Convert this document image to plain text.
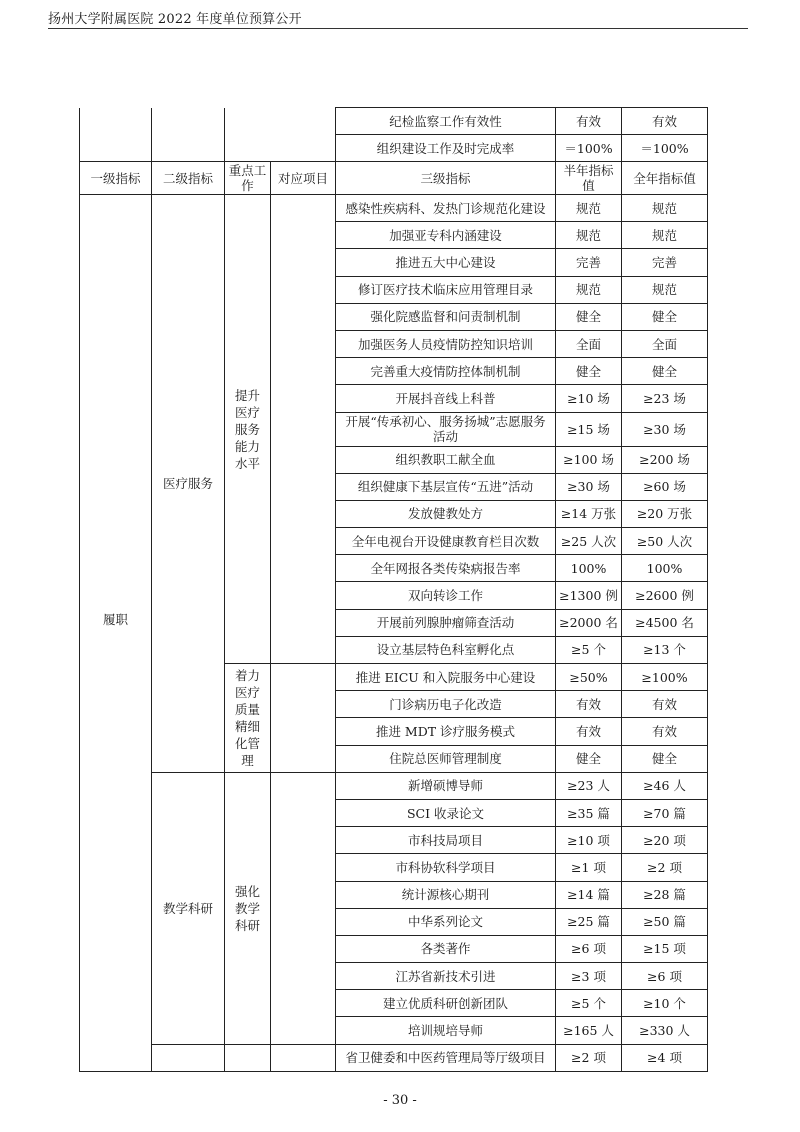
扬州大学附属医院 2022 年度单位预算公开
				纪检监察工作有效性	有效	有效
				组织建设工作及时完成率	＝100%	＝100%
一级指标	二级指标	重点工作	对应项目	三级指标	半年指标值	全年指标值
履职	医疗服务	提升医疗服务能力水平		感染性疾病科、发热门诊规范化建设	规范	规范
				加强亚专科内涵建设	规范	规范
				推进五大中心建设	完善	完善
				修订医疗技术临床应用管理目录	规范	规范
				强化院感监督和问责制机制	健全	健全
				加强医务人员疫情防控知识培训	全面	全面
				完善重大疫情防控体制机制	健全	健全
				开展抖音线上科普	≥10 场	≥23 场
				开展“传承初心、服务扬城”志愿服务活动	≥15 场	≥30 场
				组织教职工献全血	≥100 场	≥200 场
				组织健康下基层宣传“五进”活动	≥30 场	≥60 场
				发放健教处方	≥14 万张	≥20 万张
				全年电视台开设健康教育栏目次数	≥25 人次	≥50 人次
				全年网报各类传染病报告率	100%	100%
				双向转诊工作	≥1300 例	≥2600 例
				开展前列腺肿瘤筛查活动	≥2000 名	≥4500 名
				设立基层特色科室孵化点	≥5 个	≥13 个
		着力医疗质量精细化管理		推进 EICU 和入院服务中心建设	≥50%	≥100%
				门诊病历电子化改造	有效	有效
				推进 MDT 诊疗服务模式	有效	有效
				住院总医师管理制度	健全	健全
	教学科研	强化教学科研		新增硕博导师	≥23 人	≥46 人
				SCI 收录论文	≥35 篇	≥70 篇
				市科技局项目	≥10 项	≥20 项
				市科协软科学项目	≥1 项	≥2 项
				统计源核心期刊	≥14 篇	≥28 篇
				中华系列论文	≥25 篇	≥50 篇
				各类著作	≥6 项	≥15 项
				江苏省新技术引进	≥3 项	≥6 项
				建立优质科研创新团队	≥5 个	≥10 个
				培训规培导师	≥165 人	≥330 人
				省卫健委和中医药管理局等厅级项目	≥2 项	≥4 项
- 30 -
